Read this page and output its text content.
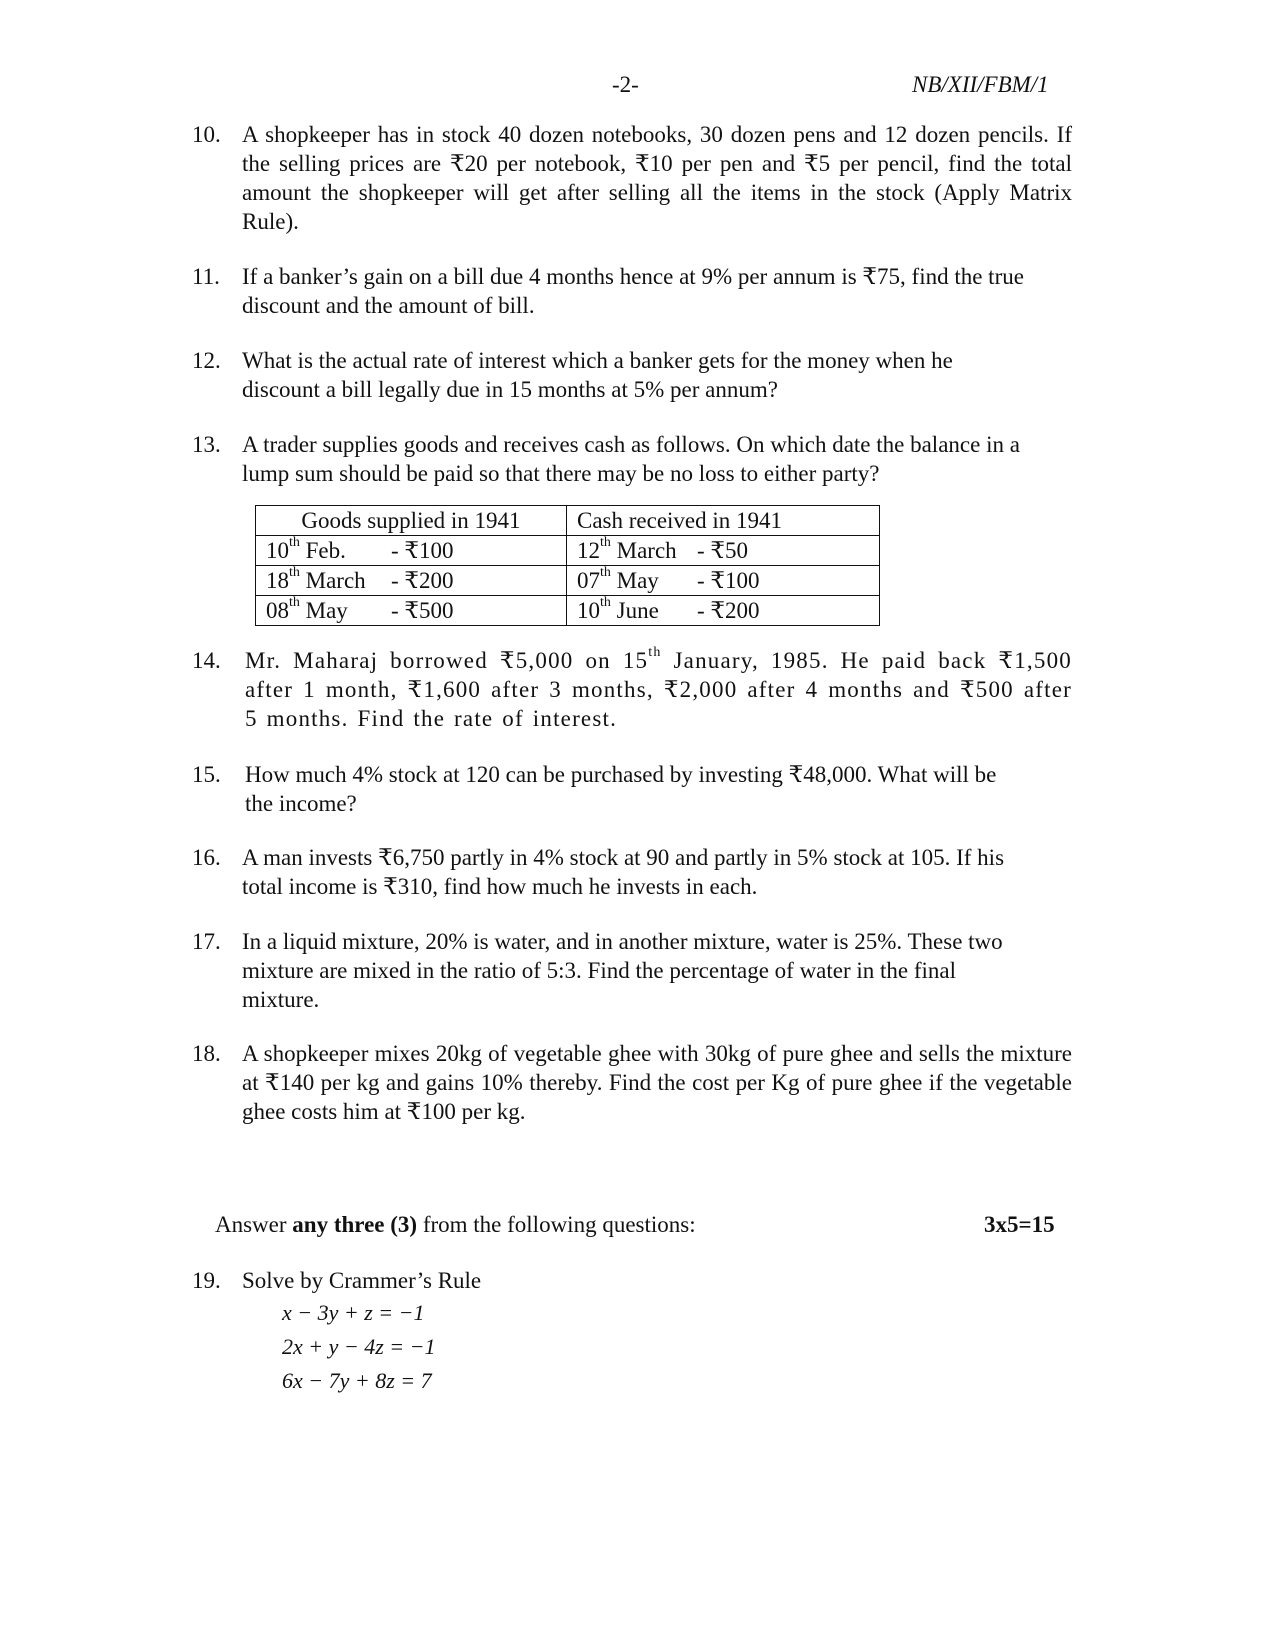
-2-	NB/XII/FBM/1
10. A shopkeeper has in stock 40 dozen notebooks, 30 dozen pens and 12 dozen pencils. If the selling prices are ₹20 per notebook, ₹10 per pen and ₹5 per pencil, find the total amount the shopkeeper will get after selling all the items in the stock (Apply Matrix Rule).
11. If a banker’s gain on a bill due 4 months hence at 9% per annum is ₹75, find the true discount and the amount of bill.
12. What is the actual rate of interest which a banker gets for the money when he discount a bill legally due in 15 months at 5% per annum?
13. A trader supplies goods and receives cash as follows. On which date the balance in a lump sum should be paid so that there may be no loss to either party?
Goods supplied in 1941	Cash received in 1941
10th Feb. - ₹100	12th March - ₹50
18th March - ₹200	07th May - ₹100
08th May - ₹500	10th June - ₹200
14. Mr. Maharaj borrowed ₹5,000 on 15th January, 1985. He paid back ₹1,500 after 1 month, ₹1,600 after 3 months, ₹2,000 after 4 months and ₹500 after 5 months. Find the rate of interest.
15. How much 4% stock at 120 can be purchased by investing ₹48,000. What will be the income?
16. A man invests ₹6,750 partly in 4% stock at 90 and partly in 5% stock at 105. If his total income is ₹310, find how much he invests in each.
17. In a liquid mixture, 20% is water, and in another mixture, water is 25%. These two mixture are mixed in the ratio of 5:3. Find the percentage of water in the final mixture.
18. A shopkeeper mixes 20kg of vegetable ghee with 30kg of pure ghee and sells the mixture at ₹140 per kg and gains 10% thereby. Find the cost per Kg of pure ghee if the vegetable ghee costs him at ₹100 per kg.
Answer any three (3) from the following questions:	3x5=15
19. Solve by Crammer’s Rule
x − 3y + z = −1
2x + y − 4z = −1
6x − 7y + 8z = 7
